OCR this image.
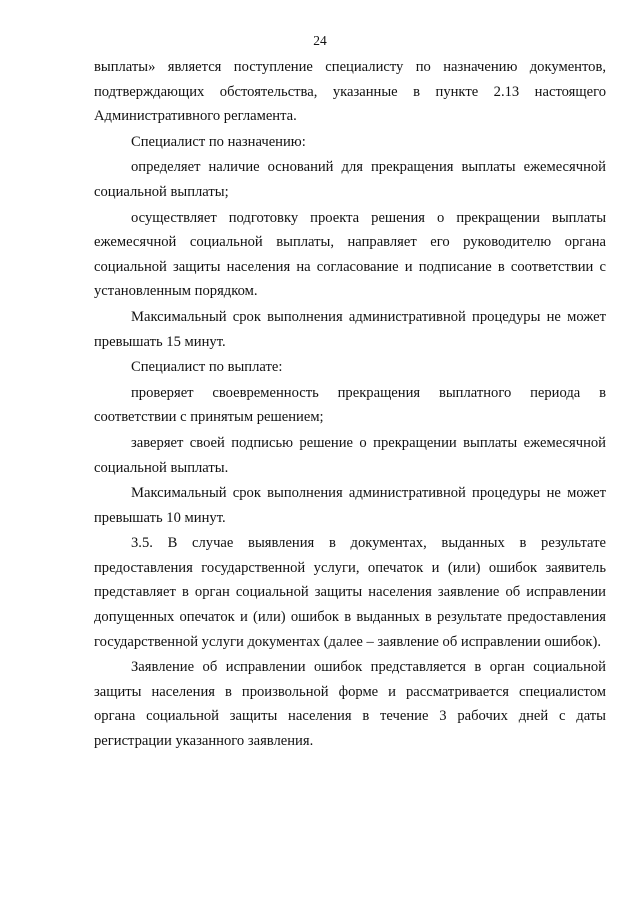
24

выплаты» является поступление специалисту по назначению документов, подтверждающих обстоятельства, указанные в пункте 2.13 настоящего Административного регламента.

Специалист по назначению:

определяет наличие оснований для прекращения выплаты ежемесячной социальной выплаты;

осуществляет подготовку проекта решения о прекращении выплаты ежемесячной социальной выплаты, направляет его руководителю органа социальной защиты населения на согласование и подписание в соответствии с установленным порядком.

Максимальный срок выполнения административной процедуры не может превышать 15 минут.

Специалист по выплате:

проверяет своевременность прекращения выплатного периода в соответствии с принятым решением;

заверяет своей подписью решение о прекращении выплаты ежемесячной социальной выплаты.

Максимальный срок выполнения административной процедуры не может превышать 10 минут.

3.5. В случае выявления в документах, выданных в результате предоставления государственной услуги, опечаток и (или) ошибок заявитель представляет в орган социальной защиты населения заявление об исправлении допущенных опечаток и (или) ошибок в выданных в результате предоставления государственной услуги документах (далее – заявление об исправлении ошибок).

Заявление об исправлении ошибок представляется в орган социальной защиты населения в произвольной форме и рассматривается специалистом органа социальной защиты населения в течение 3 рабочих дней с даты регистрации указанного заявления.
